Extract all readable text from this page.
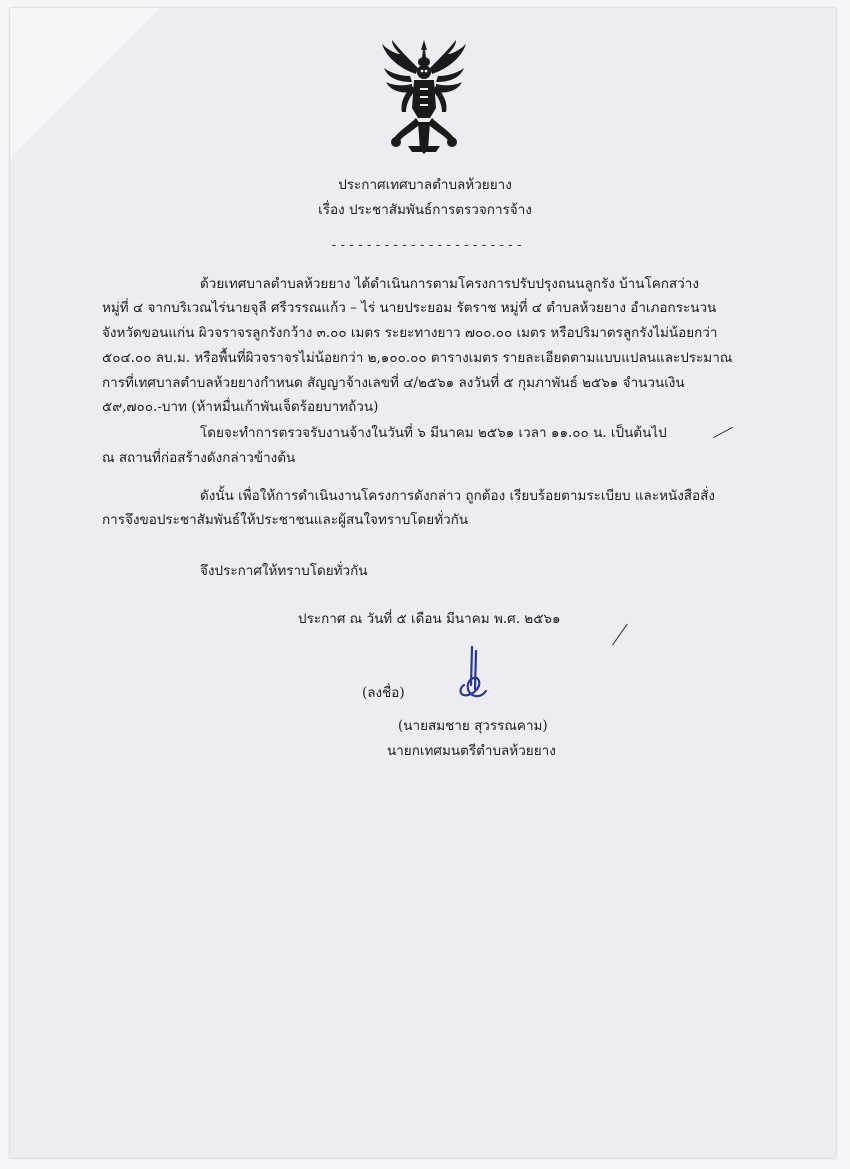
ประกาศเทศบาลตำบลห้วยยาง
เรื่อง ประชาสัมพันธ์การตรวจการจ้าง
----------------------
ด้วยเทศบาลตำบลห้วยยาง ได้ดำเนินการตามโครงการปรับปรุงถนนลูกรัง บ้านโคกสว่าง
หมู่ที่ ๔ จากบริเวณไร่นายจุลี ศรีวรรณแก้ว – ไร่ นายประยอม รัตราช หมู่ที่ ๔ ตำบลห้วยยาง อำเภอกระนวน
จังหวัดขอนแก่น ผิวจราจรลูกรังกว้าง ๓.๐๐ เมตร ระยะทางยาว ๗๐๐.๐๐ เมตร หรือปริมาตรลูกรังไม่น้อยกว่า
๕๐๔.๐๐ ลบ.ม. หรือพื้นที่ผิวจราจรไม่น้อยกว่า ๒,๑๐๐.๐๐ ตารางเมตร รายละเอียดตามแบบแปลนและประมาณ
การที่เทศบาลตำบลห้วยยางกำหนด สัญญาจ้างเลขที่ ๔/๒๕๖๑ ลงวันที่ ๕ กุมภาพันธ์ ๒๕๖๑ จำนวนเงิน
๕๙,๗๐๐.-บาท (ห้าหมื่นเก้าพันเจ็ดร้อยบาทถ้วน)
โดยจะทำการตรวจรับงานจ้างในวันที่ ๖ มีนาคม ๒๕๖๑ เวลา ๑๑.๐๐ น. เป็นต้นไป
ณ สถานที่ก่อสร้างดังกล่าวข้างต้น
ดังนั้น เพื่อให้การดำเนินงานโครงการดังกล่าว ถูกต้อง เรียบร้อยตามระเบียบ และหนังสือสั่ง
การจึงขอประชาสัมพันธ์ให้ประชาชนและผู้สนใจทราบโดยทั่วกัน
จึงประกาศให้ทราบโดยทั่วกัน
ประกาศ ณ วันที่ ๕ เดือน มีนาคม พ.ศ. ๒๕๖๑
(ลงชื่อ)
(นายสมชาย สุวรรณคาม)
นายกเทศมนตรีตำบลห้วยยาง
